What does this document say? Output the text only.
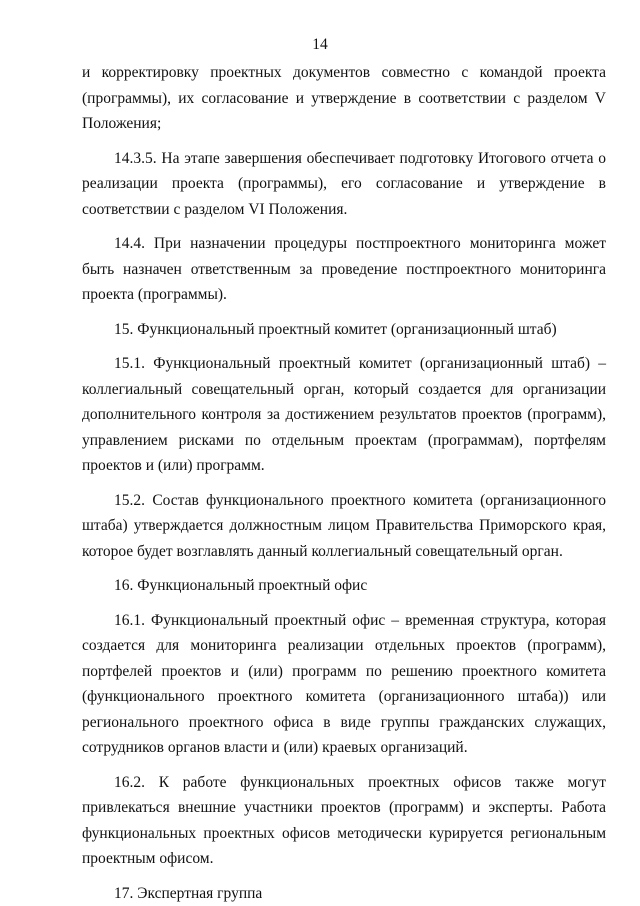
14

и корректировку проектных документов совместно с командой проекта (программы), их согласование и утверждение в соответствии с разделом V Положения;

14.3.5. На этапе завершения обеспечивает подготовку Итогового отчета о реализации проекта (программы), его согласование и утверждение в соответствии с разделом VI Положения.

14.4. При назначении процедуры постпроектного мониторинга может быть назначен ответственным за проведение постпроектного мониторинга проекта (программы).

15. Функциональный проектный комитет (организационный штаб)

15.1. Функциональный проектный комитет (организационный штаб) – коллегиальный совещательный орган, который создается для организации дополнительного контроля за достижением результатов проектов (программ), управлением рисками по отдельным проектам (программам), портфелям проектов и (или) программ.

15.2. Состав функционального проектного комитета (организационного штаба) утверждается должностным лицом Правительства Приморского края, которое будет возглавлять данный коллегиальный совещательный орган.

16. Функциональный проектный офис

16.1. Функциональный проектный офис – временная структура, которая создается для мониторинга реализации отдельных проектов (программ), портфелей проектов и (или) программ по решению проектного комитета (функционального проектного комитета (организационного штаба)) или регионального проектного офиса в виде группы гражданских служащих, сотрудников органов власти и (или) краевых организаций.

16.2. К работе функциональных проектных офисов также могут привлекаться внешние участники проектов (программ) и эксперты. Работа функциональных проектных офисов методически курируется региональным проектным офисом.

17. Экспертная группа
